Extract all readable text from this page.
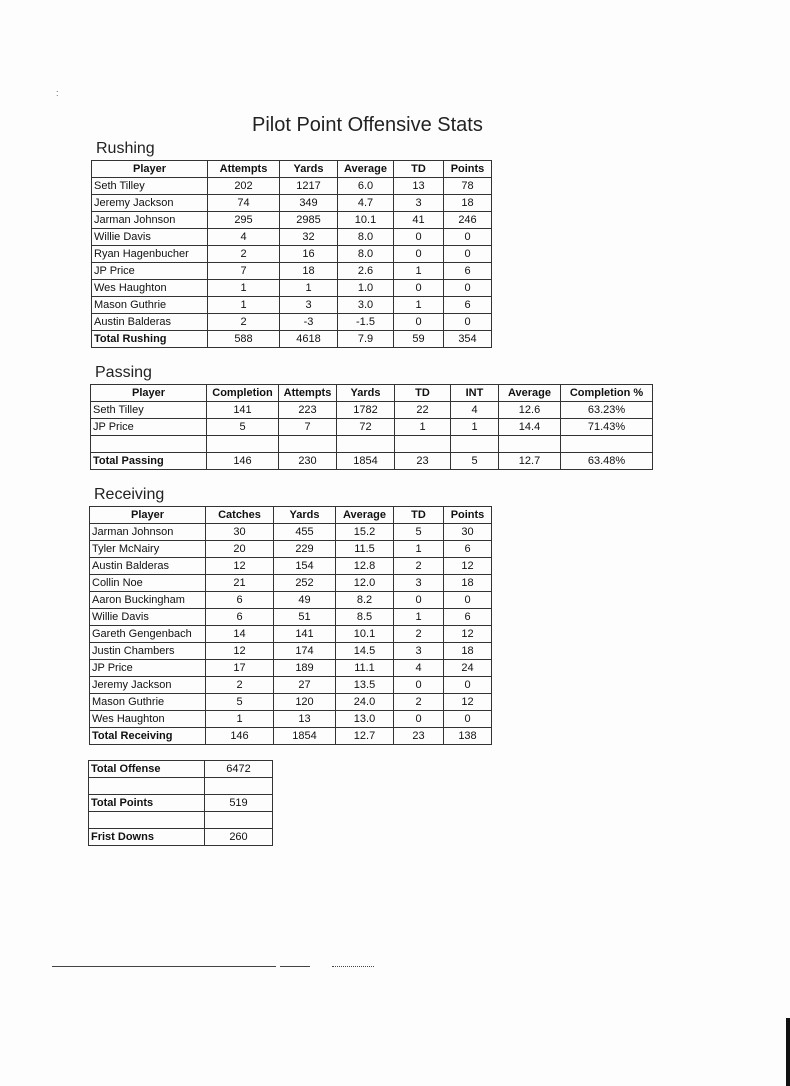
:
Pilot Point Offensive Stats
Rushing
Player	Attempts	Yards	Average	TD	Points
Seth Tilley	202	1217	6.0	13	78
Jeremy Jackson	74	349	4.7	3	18
Jarman Johnson	295	2985	10.1	41	246
Willie Davis	4	32	8.0	0	0
Ryan Hagenbucher	2	16	8.0	0	0
JP Price	7	18	2.6	1	6
Wes Haughton	1	1	1.0	0	0
Mason Guthrie	1	3	3.0	1	6
Austin Balderas	2	-3	-1.5	0	0
Total Rushing	588	4618	7.9	59	354
Passing
Player	Completion	Attempts	Yards	TD	INT	Average	Completion %
Seth Tilley	141	223	1782	22	4	12.6	63.23%
JP Price	5	7	72	1	1	14.4	71.43%

Total Passing	146	230	1854	23	5	12.7	63.48%
Receiving
Player	Catches	Yards	Average	TD	Points
Jarman Johnson	30	455	15.2	5	30
Tyler McNairy	20	229	11.5	1	6
Austin Balderas	12	154	12.8	2	12
Collin Noe	21	252	12.0	3	18
Aaron Buckingham	6	49	8.2	0	0
Willie Davis	6	51	8.5	1	6
Gareth Gengenbach	14	141	10.1	2	12
Justin Chambers	12	174	14.5	3	18
JP Price	17	189	11.1	4	24
Jeremy Jackson	2	27	13.5	0	0
Mason Guthrie	5	120	24.0	2	12
Wes Haughton	1	13	13.0	0	0
Total Receiving	146	1854	12.7	23	138
Total Offense	6472

Total Points	519

Frist Downs	260
